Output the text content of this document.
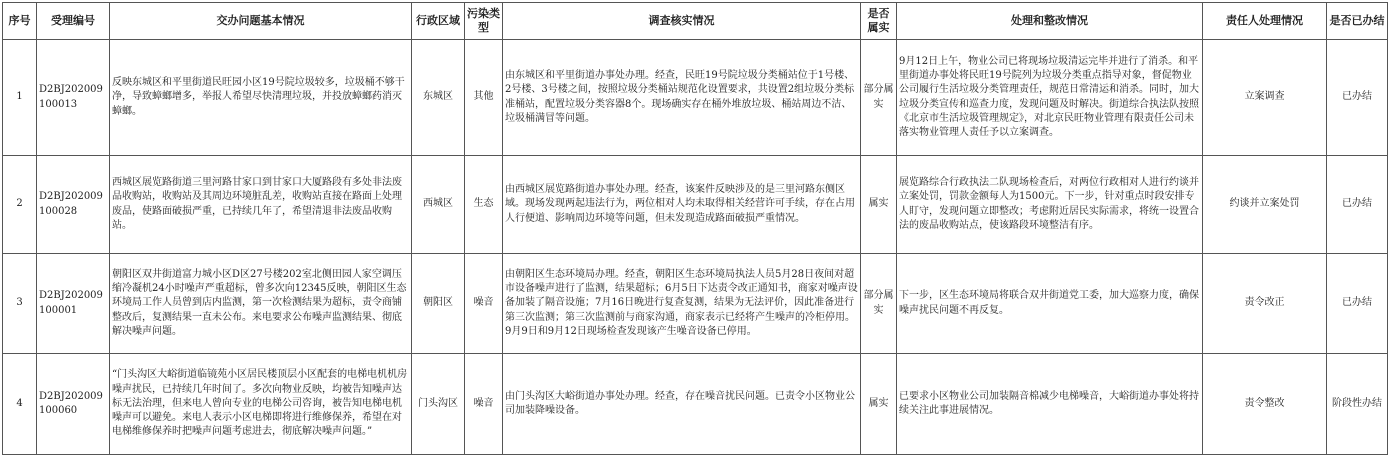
序号	受理编号	交办问题基本情况	行政区域	污染类型	调查核实情况	是否属实	处理和整改情况	责任人处理情况	是否已办结
1	D2BJ202009100013	反映东城区和平里街道民旺园小区19号院垃圾较多，垃圾桶不够干净，导致蟑螂增多，举报人希望尽快清理垃圾，并投放蟑螂药消灭蟑螂。	东城区	其他	由东城区和平里街道办事处办理。经查，民旺19号院垃圾分类桶站位于1号楼、2号楼、3号楼之间，按照垃圾分类桶站规范化设置要求，共设置2组垃圾分类标准桶站，配置垃圾分类容器8个。现场确实存在桶外堆放垃圾、桶站周边不洁、垃圾桶满冒等问题。	部分属实	9月12日上午，物业公司已将现场垃圾清运完毕并进行了消杀。和平里街道办事处将民旺19号院列为垃圾分类重点指导对象，督促物业公司履行生活垃圾分类管理责任，规范日常清运和消杀。同时，加大垃圾分类宣传和巡查力度，发现问题及时解决。街道综合执法队按照《北京市生活垃圾管理规定》，对北京民旺物业管理有限责任公司未落实物业管理人责任予以立案调查。	立案调查	已办结
2	D2BJ202009100028	西城区展览路街道三里河路甘家口到甘家口大厦路段有多处非法废品收购站，收购站及其周边环境脏乱差，收购站直接在路面上处理废品，使路面破损严重，已持续几年了，希望清退非法废品收购站。	西城区	生态	由西城区展览路街道办事处办理。经查，该案件反映涉及的是三里河路东侧区域。现场发现两起违法行为，两位相对人均未取得相关经营许可手续，存在占用人行便道、影响周边环境等问题，但未发现造成路面破损严重情况。	属实	展览路综合行政执法二队现场检查后，对两位行政相对人进行约谈并立案处罚，罚款金额每人为1500元。下一步，针对重点时段安排专人盯守，发现问题立即整改；考虑附近居民实际需求，将统一设置合法的废品收购站点，使该路段环境整洁有序。	约谈并立案处罚	已办结
3	D2BJ202009100001	朝阳区双井街道富力城小区D区27号楼202室北侧田园人家空调压缩冷凝机24小时噪声严重超标，曾多次向12345反映，朝阳区生态环境局工作人员曾到店内监测，第一次检测结果为超标，责令商铺整改后，复测结果一直未公布。来电要求公布噪声监测结果、彻底解决噪声问题。	朝阳区	噪音	由朝阳区生态环境局办理。经查，朝阳区生态环境局执法人员5月28日夜间对超市设备噪声进行了监测，结果超标；6月5日下达责令改正通知书，商家对噪声设备加装了隔音设施；7月16日晚进行复查复测，结果为无法评价，因此准备进行第三次监测；第三次监测前与商家沟通，商家表示已经将产生噪声的冷柜停用。9月9日和9月12日现场检查发现该产生噪音设备已停用。	部分属实	下一步，区生态环境局将联合双井街道党工委，加大巡察力度，确保噪声扰民问题不再反复。	责令改正	已办结
4	D2BJ202009100060	“门头沟区大峪街道临镜苑小区居民楼顶层小区配套的电梯电机机房噪声扰民，已持续几年时间了。多次向物业反映，均被告知噪声达标无法治理，但来电人曾向专业的电梯公司咨询，被告知电梯电机噪声可以避免。来电人表示小区电梯即将进行维修保养，希望在对电梯维修保养时把噪声问题考虑进去，彻底解决噪声问题。”	门头沟区	噪音	由门头沟区大峪街道办事处办理。经查，存在噪音扰民问题。已责令小区物业公司加装降噪设备。	属实	已要求小区物业公司加装隔音棉减少电梯噪音，大峪街道办事处将持续关注此事进展情况。	责令整改	阶段性办结
